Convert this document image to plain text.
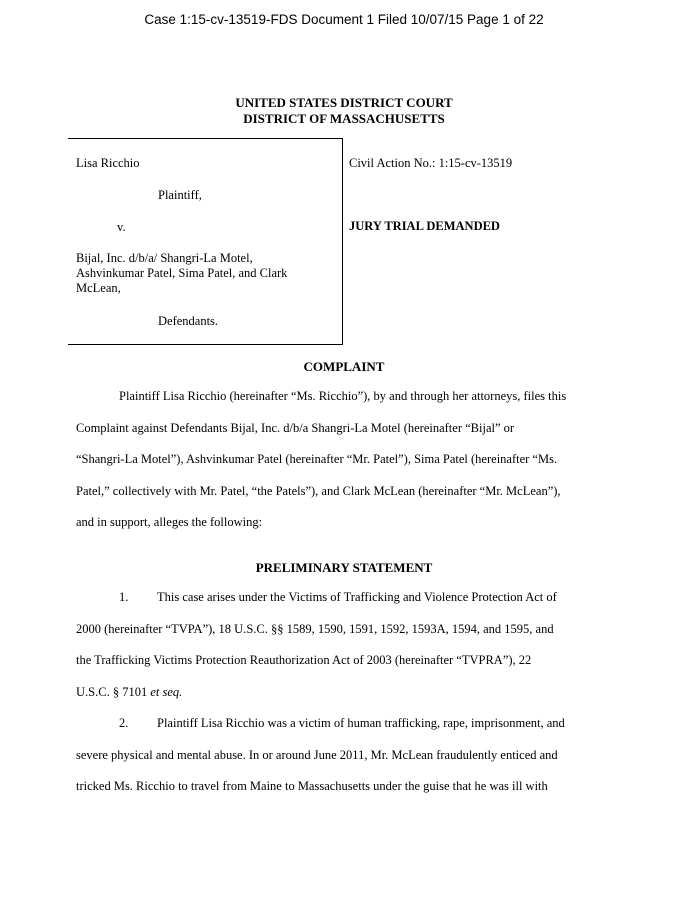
Case 1:15-cv-13519-FDS Document 1 Filed 10/07/15 Page 1 of 22
UNITED STATES DISTRICT COURT
DISTRICT OF MASSACHUSETTS
Lisa Ricchio
Plaintiff,
v.
Bijal, Inc. d/b/a/ Shangri-La Motel,
Ashvinkumar Patel, Sima Patel, and Clark
McLean,
Defendants.
Civil Action No.: 1:15-cv-13519
JURY TRIAL DEMANDED
COMPLAINT
Plaintiff Lisa Ricchio (hereinafter “Ms. Ricchio”), by and through her attorneys, files this
Complaint against Defendants Bijal, Inc. d/b/a Shangri-La Motel (hereinafter “Bijal” or
“Shangri-La Motel”), Ashvinkumar Patel (hereinafter “Mr. Patel”), Sima Patel (hereinafter “Ms.
Patel,” collectively with Mr. Patel, “the Patels”), and Clark McLean (hereinafter “Mr. McLean”),
and in support, alleges the following:
PRELIMINARY STATEMENT
1. This case arises under the Victims of Trafficking and Violence Protection Act of
2000 (hereinafter “TVPA”), 18 U.S.C. §§ 1589, 1590, 1591, 1592, 1593A, 1594, and 1595, and
the Trafficking Victims Protection Reauthorization Act of 2003 (hereinafter “TVPRA”), 22
U.S.C. § 7101 et seq.
2. Plaintiff Lisa Ricchio was a victim of human trafficking, rape, imprisonment, and
severe physical and mental abuse. In or around June 2011, Mr. McLean fraudulently enticed and
tricked Ms. Ricchio to travel from Maine to Massachusetts under the guise that he was ill with
